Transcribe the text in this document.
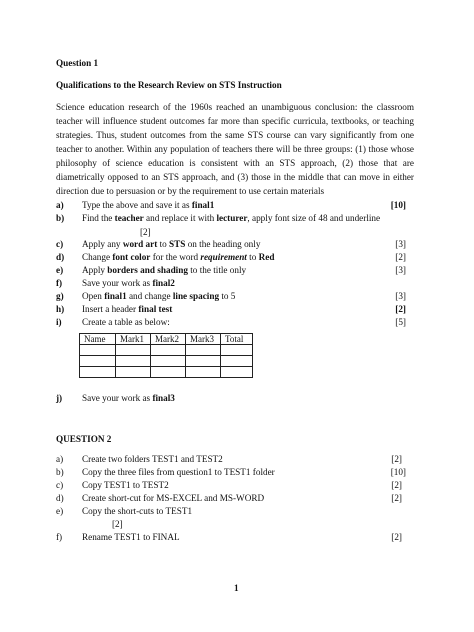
Question 1
Qualifications to the Research Review on STS Instruction
Science education research of the 1960s reached an unambiguous conclusion: the classroom teacher will influence student outcomes far more than specific curricula, textbooks, or teaching strategies. Thus, student outcomes from the same STS course can vary significantly from one teacher to another. Within any population of teachers there will be three groups: (1) those whose philosophy of science education is consistent with an STS approach, (2) those that are diametrically opposed to an STS approach, and (3) those in the middle that can move in either direction due to persuasion or by the requirement to use certain materials
a) Type the above and save it as final1	[10]
b) Find the teacher and replace it with lecturer, apply font size of 48 and underline
[2]
c) Apply any word art to STS on the heading only	[3]
d) Change font color for the word requirement to Red	[2]
e) Apply borders and shading to the title only	[3]
f) Save your work as final2
g) Open final1 and change line spacing to 5	[3]
h) Insert a header final test	[2]
i) Create a table as below:	[5]
Name	Mark1	Mark2	Mark3	Total

j) Save your work as final3
QUESTION 2
a) Create two folders TEST1 and TEST2	[2]
b) Copy the three files from question1 to TEST1 folder	[10]
c) Copy TEST1 to TEST2	[2]
d) Create short-cut for MS-EXCEL and MS-WORD	[2]
e) Copy the short-cuts to TEST1
[2]
f) Rename TEST1 to FINAL	[2]
1
